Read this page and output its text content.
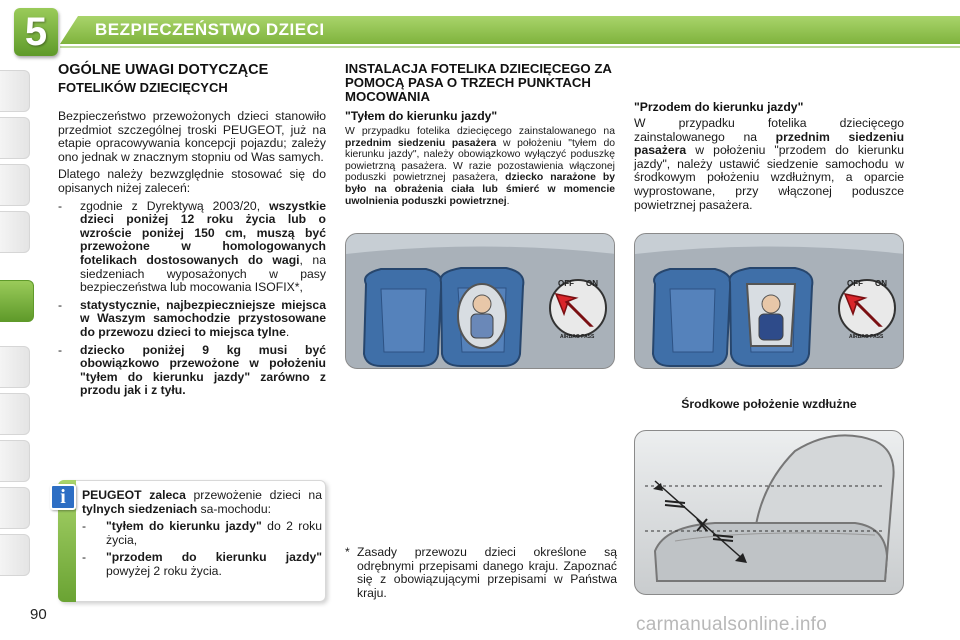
5	BEZPIECZEŃSTWO DZIECI
OGÓLNE UWAGI DOTYCZĄCE
FOTELIKÓW DZIECIĘCYCH

Bezpieczeństwo przewożonych dzieci stanowiło przedmiot szczególnej troski PEUGEOT, już na etapie opracowywania koncepcji pojazdu; zależy ono jednak w znacznym stopniu od Was samych.

Dlatego należy bezwzględnie stosować się do opisanych niżej zaleceń:

- zgodnie z Dyrektywą 2003/20, wszystkie dzieci poniżej 12 roku życia lub o wzroście poniżej 150 cm, muszą być przewożone w homologowanych fotelikach dostosowanych do wagi, na siedzeniach wyposażonych w pasy bezpieczeństwa lub mocowania ISOFIX*,
- statystycznie, najbezpieczniejsze miejsca w Waszym samochodzie przystosowane do przewozu dzieci to miejsca tylne.
- dziecko poniżej 9 kg musi być obowiązkowo przewożone w położeniu "tyłem do kierunku jazdy" zarówno z przodu jak i z tyłu.
i	PEUGEOT zaleca przewożenie dzieci na tylnych siedzeniach sa-mochodu:

- "tyłem do kierunku jazdy" do 2 roku życia,
- "przodem do kierunku jazdy" powyżej 2 roku życia.
INSTALACJA FOTELIKA DZIECIĘCEGO ZA POMOCĄ PASA O TRZECH PUNKTACH MOCOWANIA
"Tyłem do kierunku jazdy"
W przypadku fotelika dziecięcego zainstalowanego na przednim siedzeniu pasażera w położeniu "tyłem do kierunku jazdy", należy obowiązkowo wyłączyć poduszkę powietrzną pasażera. W razie pozostawienia włączonej poduszki powietrznej pasażera, dziecko narażone by było na obrażenia ciała lub śmierć w momencie uwolnienia poduszki powietrznej.
"Przodem do kierunku jazdy"
W przypadku fotelika dziecięcego zainstalowanego na przednim siedzeniu pasażera w położeniu "przodem do kierunku jazdy", należy ustawić siedzenie samochodu w środkowym położeniu wzdłużnym, a oparcie wyprostowane, przy włączonej poduszce powietrznej pasażera.
OFF ON
AIRBAG PASS
OFF ON
AIRBAG PASS
Środkowe położenie wzdłużne
* Zasady przewozu dzieci określone są odrębnymi przepisami danego kraju. Zapoznać się z obowiązującymi przepisami w Państwa kraju.
90	carmanualsonline.info
